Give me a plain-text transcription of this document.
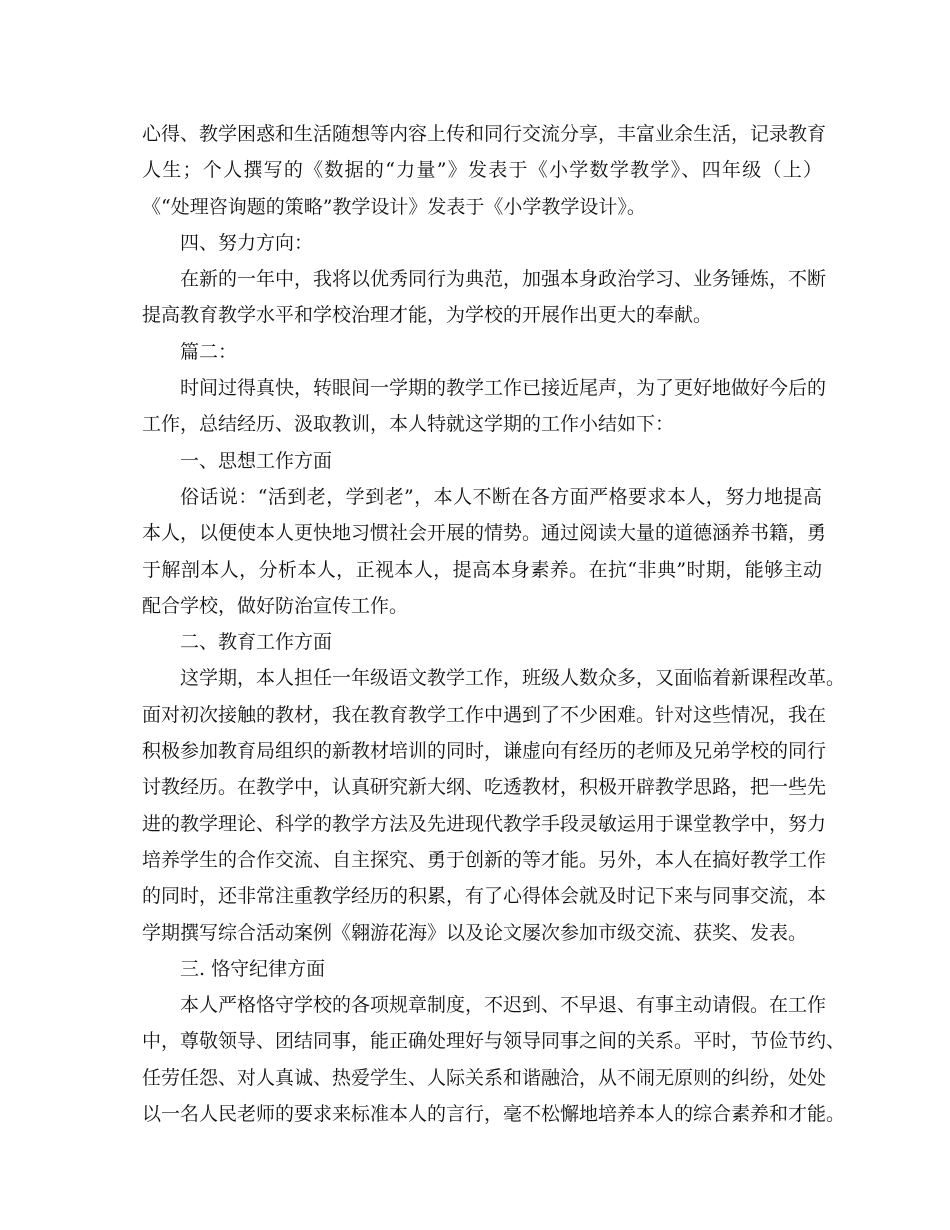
心得、教学困惑和生活随想等内容上传和同行交流分享，丰富业余生活，记录教育
人生；个人撰写的《数据的“力量”》发表于《小学数学教学》、四年级（上）
《“处理咨询题的策略”教学设计》发表于《小学教学设计》。
四、努力方向：
在新的一年中，我将以优秀同行为典范，加强本身政治学习、业务锤炼，不断
提高教育教学水平和学校治理才能，为学校的开展作出更大的奉献。
篇二：
时间过得真快，转眼间一学期的教学工作已接近尾声，为了更好地做好今后的
工作，总结经历、汲取教训，本人特就这学期的工作小结如下：
一、思想工作方面
俗话说：“活到老，学到老”，本人不断在各方面严格要求本人，努力地提高
本人，以便使本人更快地习惯社会开展的情势。通过阅读大量的道德涵养书籍，勇
于解剖本人，分析本人，正视本人，提高本身素养。在抗“非典”时期，能够主动
配合学校，做好防治宣传工作。
二、教育工作方面
这学期，本人担任一年级语文教学工作，班级人数众多，又面临着新课程改革。
面对初次接触的教材，我在教育教学工作中遇到了不少困难。针对这些情况，我在
积极参加教育局组织的新教材培训的同时，谦虚向有经历的老师及兄弟学校的同行
讨教经历。在教学中，认真研究新大纲、吃透教材，积极开辟教学思路，把一些先
进的教学理论、科学的教学方法及先进现代教学手段灵敏运用于课堂教学中，努力
培养学生的合作交流、自主探究、勇于创新的等才能。另外，本人在搞好教学工作
的同时，还非常注重教学经历的积累，有了心得体会就及时记下来与同事交流，本
学期撰写综合活动案例《翱游花海》以及论文屡次参加市级交流、获奖、发表。
三. 恪守纪律方面
本人严格恪守学校的各项规章制度，不迟到、不早退、有事主动请假。在工作
中，尊敬领导、团结同事，能正确处理好与领导同事之间的关系。平时，节俭节约、
任劳任怨、对人真诚、热爱学生、人际关系和谐融洽，从不闹无原则的纠纷，处处
以一名人民老师的要求来标准本人的言行，毫不松懈地培养本人的综合素养和才能。
